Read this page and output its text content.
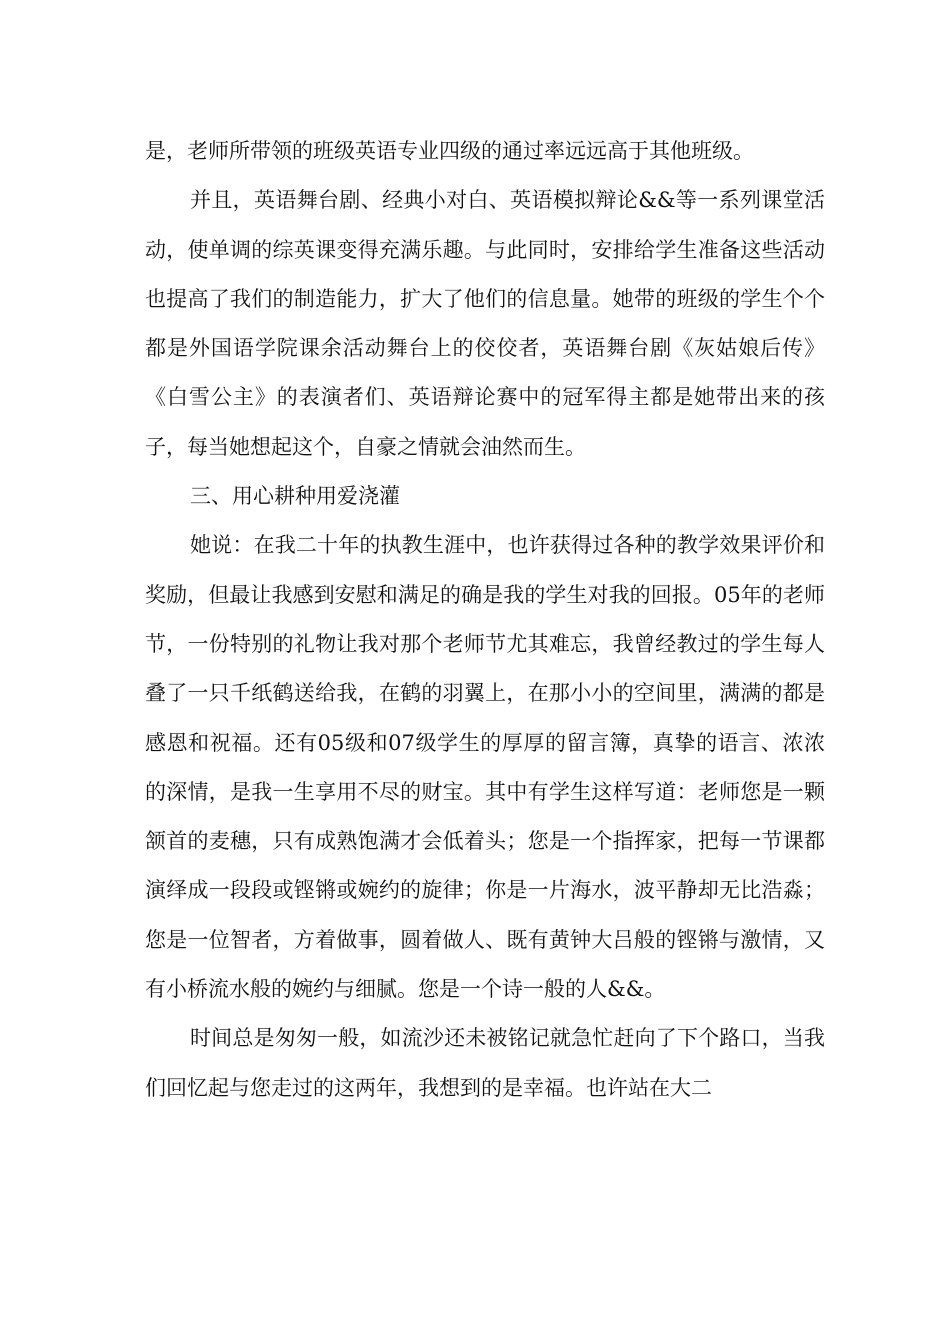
是，老师所带领的班级英语专业四级的通过率远远高于其他班级。

并且，英语舞台剧、经典小对白、英语模拟辩论&&等一系列课堂活动，使单调的综英课变得充满乐趣。与此同时，安排给学生准备这些活动也提高了我们的制造能力，扩大了他们的信息量。她带的班级的学生个个都是外国语学院课余活动舞台上的佼佼者，英语舞台剧《灰姑娘后传》《白雪公主》的表演者们、英语辩论赛中的冠军得主都是她带出来的孩子，每当她想起这个，自豪之情就会油然而生。

三、用心耕种用爱浇灌

她说：在我二十年的执教生涯中，也许获得过各种的教学效果评价和奖励，但最让我感到安慰和满足的确是我的学生对我的回报。05年的老师节，一份特别的礼物让我对那个老师节尤其难忘，我曾经教过的学生每人叠了一只千纸鹤送给我，在鹤的羽翼上，在那小小的空间里，满满的都是感恩和祝福。还有05级和07级学生的厚厚的留言簿，真挚的语言、浓浓的深情，是我一生享用不尽的财宝。其中有学生这样写道：老师您是一颗颔首的麦穗，只有成熟饱满才会低着头；您是一个指挥家，把每一节课都演绎成一段段或铿锵或婉约的旋律；你是一片海水，波平静却无比浩淼；您是一位智者，方着做事，圆着做人、既有黄钟大吕般的铿锵与激情，又有小桥流水般的婉约与细腻。您是一个诗一般的人&&。

时间总是匆匆一般，如流沙还未被铭记就急忙赶向了下个路口，当我们回忆起与您走过的这两年，我想到的是幸福。也许站在大二
